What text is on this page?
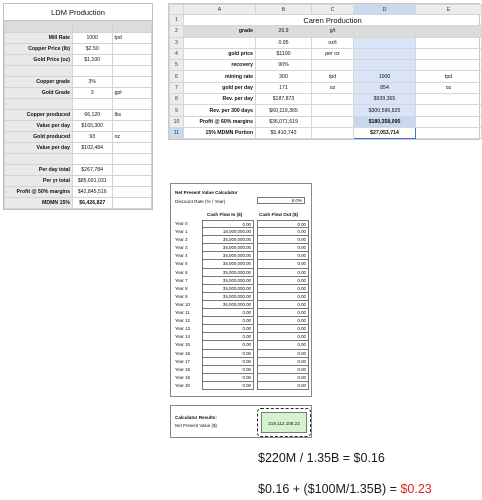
LDM Production

Mill Rate	1000	tpd
Copper Price (lb)	$2.50	
Gold Price (oz)	$1,100	

Copper grade	3%	
Gold Grade	3	gpt

Copper produced	66,120	lbs
Value per day	$165,300	
Gold produced	93	oz
Value per day	$102,484	

Per day total	$267,784	
Per yr total	$85,691,031	
Profit @ 50% margins	$42,845,516	
MDMN 15%	$6,426,827	
	A	B	C	D	E
1	Caren Production				
2	grade	26.9	g/t		
3		0.95	oz/t		
4	gold price	$1100	per oz		
5	recovery	90%			
6	mining rate	300	tpd	1000	tpd
7	gold per day	171	oz	854	oz
8	Rev. per day	$187,873		$939,365	
9	Rev. per 300 days	$60,119,365		$300,596,825	
10	Profit @ 60% margins	$36,071,619		$180,358,095	
11	15% MDMN Portion	$5,410,743		$27,053,714	
Net Present Value Calculator
Discount Rate (% / Year)	8.0%
Cash Flow In ($)	Cash Flow Out ($)
Year 0	0.00	0.00
Year 1	18,000,000.00	0.00
Year 2	35,000,000.00	0.00
Year 3	35,000,000.00	0.00
Year 4	35,000,000.00	0.00
Year 5	35,000,000.00	0.00
Year 6	35,000,000.00	0.00
Year 7	35,000,000.00	0.00
Year 8	35,000,000.00	0.00
Year 9	35,000,000.00	0.00
Year 10	35,000,000.00	0.00
Year 11	0.00	0.00
Year 12	0.00	0.00
Year 13	0.00	0.00
Year 14	0.00	0.00
Year 15	0.00	0.00
Year 16	0.00	0.00
Year 17	0.00	0.00
Year 18	0.00	0.00
Year 19	0.00	0.00
Year 20	0.00	0.00
Calculator Results:
Net Present Value ($)	219,112,108.22
$220M / 1.35B = $0.16
$0.16 + ($100M/1.35B) = $0.23
